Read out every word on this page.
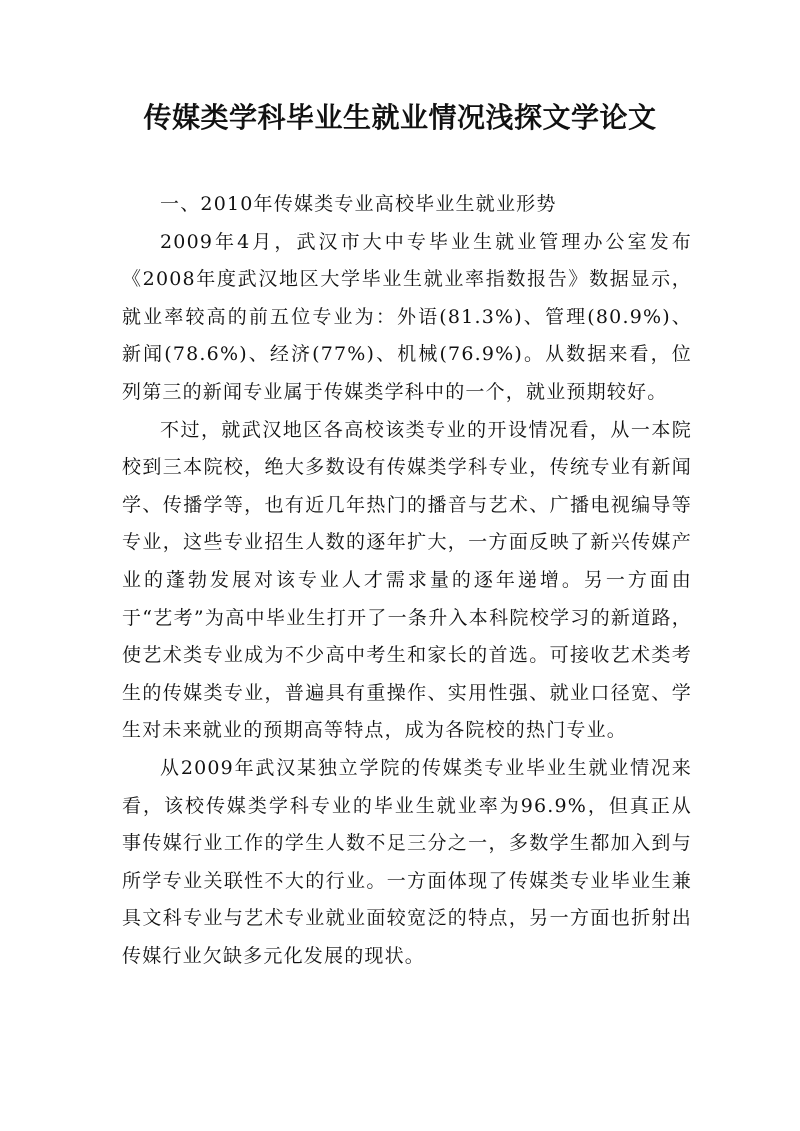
传媒类学科毕业生就业情况浅探文学论文

一、2010年传媒类专业高校毕业生就业形势

2009年4月，武汉市大中专毕业生就业管理办公室发布《2008年度武汉地区大学毕业生就业率指数报告》数据显示，就业率较高的前五位专业为：外语(81.3%)、管理(80.9%)、新闻(78.6%)、经济(77%)、机械(76.9%)。从数据来看，位列第三的新闻专业属于传媒类学科中的一个，就业预期较好。

不过，就武汉地区各高校该类专业的开设情况看，从一本院校到三本院校，绝大多数设有传媒类学科专业，传统专业有新闻学、传播学等，也有近几年热门的播音与艺术、广播电视编导等专业，这些专业招生人数的逐年扩大，一方面反映了新兴传媒产业的蓬勃发展对该专业人才需求量的逐年递增。另一方面由于“艺考”为高中毕业生打开了一条升入本科院校学习的新道路，使艺术类专业成为不少高中考生和家长的首选。可接收艺术类考生的传媒类专业，普遍具有重操作、实用性强、就业口径宽、学生对未来就业的预期高等特点，成为各院校的热门专业。

从2009年武汉某独立学院的传媒类专业毕业生就业情况来看，该校传媒类学科专业的毕业生就业率为96.9%，但真正从事传媒行业工作的学生人数不足三分之一，多数学生都加入到与所学专业关联性不大的行业。一方面体现了传媒类专业毕业生兼具文科专业与艺术专业就业面较宽泛的特点，另一方面也折射出传媒行业欠缺多元化发展的现状。
